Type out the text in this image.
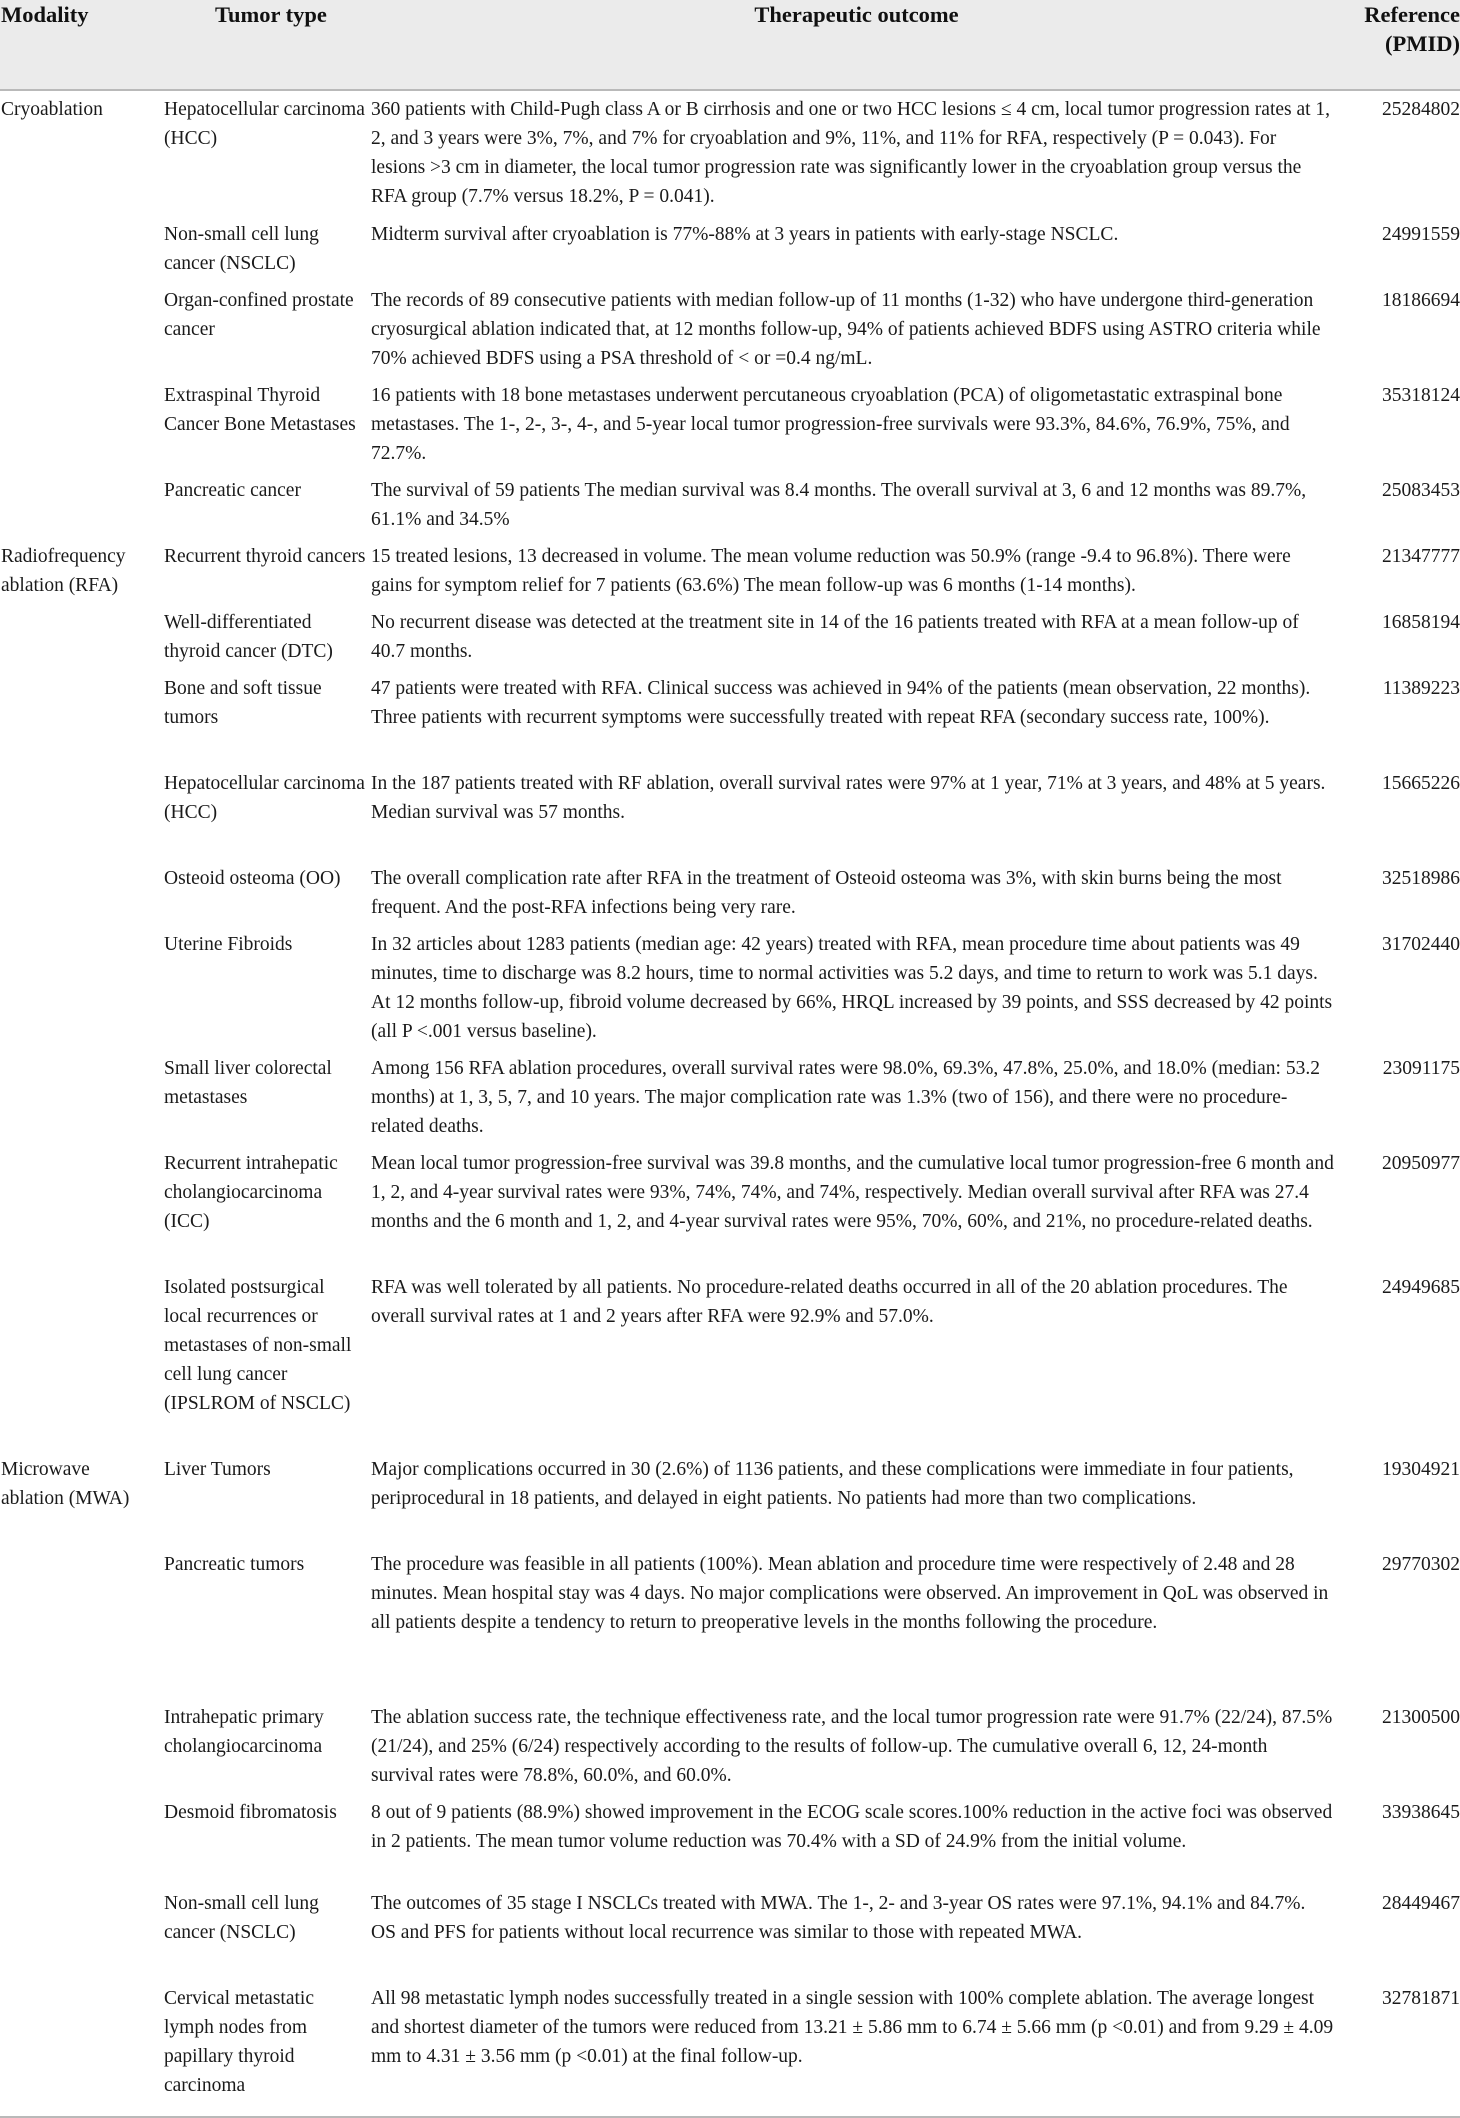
Modality	Tumor type	Therapeutic outcome	Reference (PMID)
Cryoablation	Hepatocellular carcinoma (HCC)	360 patients with Child-Pugh class A or B cirrhosis and one or two HCC lesions ≤ 4 cm, local tumor progression rates at 1, 2, and 3 years were 3%, 7%, and 7% for cryoablation and 9%, 11%, and 11% for RFA, respectively (P = 0.043). For lesions >3 cm in diameter, the local tumor progression rate was significantly lower in the cryoablation group versus the RFA group (7.7% versus 18.2%, P = 0.041).	25284802
	Non-small cell lung cancer (NSCLC)	Midterm survival after cryoablation is 77%-88% at 3 years in patients with early-stage NSCLC.	24991559
	Organ-confined prostate cancer	The records of 89 consecutive patients with median follow-up of 11 months (1-32) who have undergone third-generation cryosurgical ablation indicated that, at 12 months follow-up, 94% of patients achieved BDFS using ASTRO criteria while 70% achieved BDFS using a PSA threshold of < or =0.4 ng/mL.	18186694
	Extraspinal Thyroid Cancer Bone Metastases	16 patients with 18 bone metastases underwent percutaneous cryoablation (PCA) of oligometastatic extraspinal bone metastases. The 1-, 2-, 3-, 4-, and 5-year local tumor progression-free survivals were 93.3%, 84.6%, 76.9%, 75%, and 72.7%.	35318124
	Pancreatic cancer	The survival of 59 patients The median survival was 8.4 months. The overall survival at 3, 6 and 12 months was 89.7%, 61.1% and 34.5%	25083453
Radiofrequency ablation (RFA)	Recurrent thyroid cancers	15 treated lesions, 13 decreased in volume. The mean volume reduction was 50.9% (range -9.4 to 96.8%). There were gains for symptom relief for 7 patients (63.6%) The mean follow-up was 6 months (1-14 months).	21347777
	Well-differentiated thyroid cancer (DTC)	No recurrent disease was detected at the treatment site in 14 of the 16 patients treated with RFA at a mean follow-up of 40.7 months.	16858194
	Bone and soft tissue tumors	47 patients were treated with RFA. Clinical success was achieved in 94% of the patients (mean observation, 22 months). Three patients with recurrent symptoms were successfully treated with repeat RFA (secondary success rate, 100%).	11389223
	Hepatocellular carcinoma (HCC)	In the 187 patients treated with RF ablation, overall survival rates were 97% at 1 year, 71% at 3 years, and 48% at 5 years. Median survival was 57 months.	15665226
	Osteoid osteoma (OO)	The overall complication rate after RFA in the treatment of Osteoid osteoma was 3%, with skin burns being the most frequent. And the post-RFA infections being very rare.	32518986
	Uterine Fibroids	In 32 articles about 1283 patients (median age: 42 years) treated with RFA, mean procedure time about patients was 49 minutes, time to discharge was 8.2 hours, time to normal activities was 5.2 days, and time to return to work was 5.1 days. At 12 months follow-up, fibroid volume decreased by 66%, HRQL increased by 39 points, and SSS decreased by 42 points (all P <.001 versus baseline).	31702440
	Small liver colorectal metastases	Among 156 RFA ablation procedures, overall survival rates were 98.0%, 69.3%, 47.8%, 25.0%, and 18.0% (median: 53.2 months) at 1, 3, 5, 7, and 10 years. The major complication rate was 1.3% (two of 156), and there were no procedure-related deaths.	23091175
	Recurrent intrahepatic cholangiocarcinoma (ICC)	Mean local tumor progression-free survival was 39.8 months, and the cumulative local tumor progression-free 6 month and 1, 2, and 4-year survival rates were 93%, 74%, 74%, and 74%, respectively. Median overall survival after RFA was 27.4 months and the 6 month and 1, 2, and 4-year survival rates were 95%, 70%, 60%, and 21%, no procedure-related deaths.	20950977
	Isolated postsurgical local recurrences or metastases of non-small cell lung cancer (IPSLROM of NSCLC)	RFA was well tolerated by all patients. No procedure-related deaths occurred in all of the 20 ablation procedures. The overall survival rates at 1 and 2 years after RFA were 92.9% and 57.0%.	24949685
Microwave ablation (MWA)	Liver Tumors	Major complications occurred in 30 (2.6%) of 1136 patients, and these complications were immediate in four patients, periprocedural in 18 patients, and delayed in eight patients. No patients had more than two complications.	19304921
	Pancreatic tumors	The procedure was feasible in all patients (100%). Mean ablation and procedure time were respectively of 2.48 and 28 minutes. Mean hospital stay was 4 days. No major complications were observed. An improvement in QoL was observed in all patients despite a tendency to return to preoperative levels in the months following the procedure.	29770302
	Intrahepatic primary cholangiocarcinoma	The ablation success rate, the technique effectiveness rate, and the local tumor progression rate were 91.7% (22/24), 87.5% (21/24), and 25% (6/24) respectively according to the results of follow-up. The cumulative overall 6, 12, 24-month survival rates were 78.8%, 60.0%, and 60.0%.	21300500
	Desmoid fibromatosis	8 out of 9 patients (88.9%) showed improvement in the ECOG scale scores.100% reduction in the active foci was observed in 2 patients. The mean tumor volume reduction was 70.4% with a SD of 24.9% from the initial volume.	33938645
	Non-small cell lung cancer (NSCLC)	The outcomes of 35 stage I NSCLCs treated with MWA. The 1-, 2- and 3-year OS rates were 97.1%, 94.1% and 84.7%. OS and PFS for patients without local recurrence was similar to those with repeated MWA.	28449467
	Cervical metastatic lymph nodes from papillary thyroid carcinoma	All 98 metastatic lymph nodes successfully treated in a single session with 100% complete ablation. The average longest and shortest diameter of the tumors were reduced from 13.21 ± 5.86 mm to 6.74 ± 5.66 mm (p <0.01) and from 9.29 ± 4.09 mm to 4.31 ± 3.56 mm (p <0.01) at the final follow-up.	32781871
